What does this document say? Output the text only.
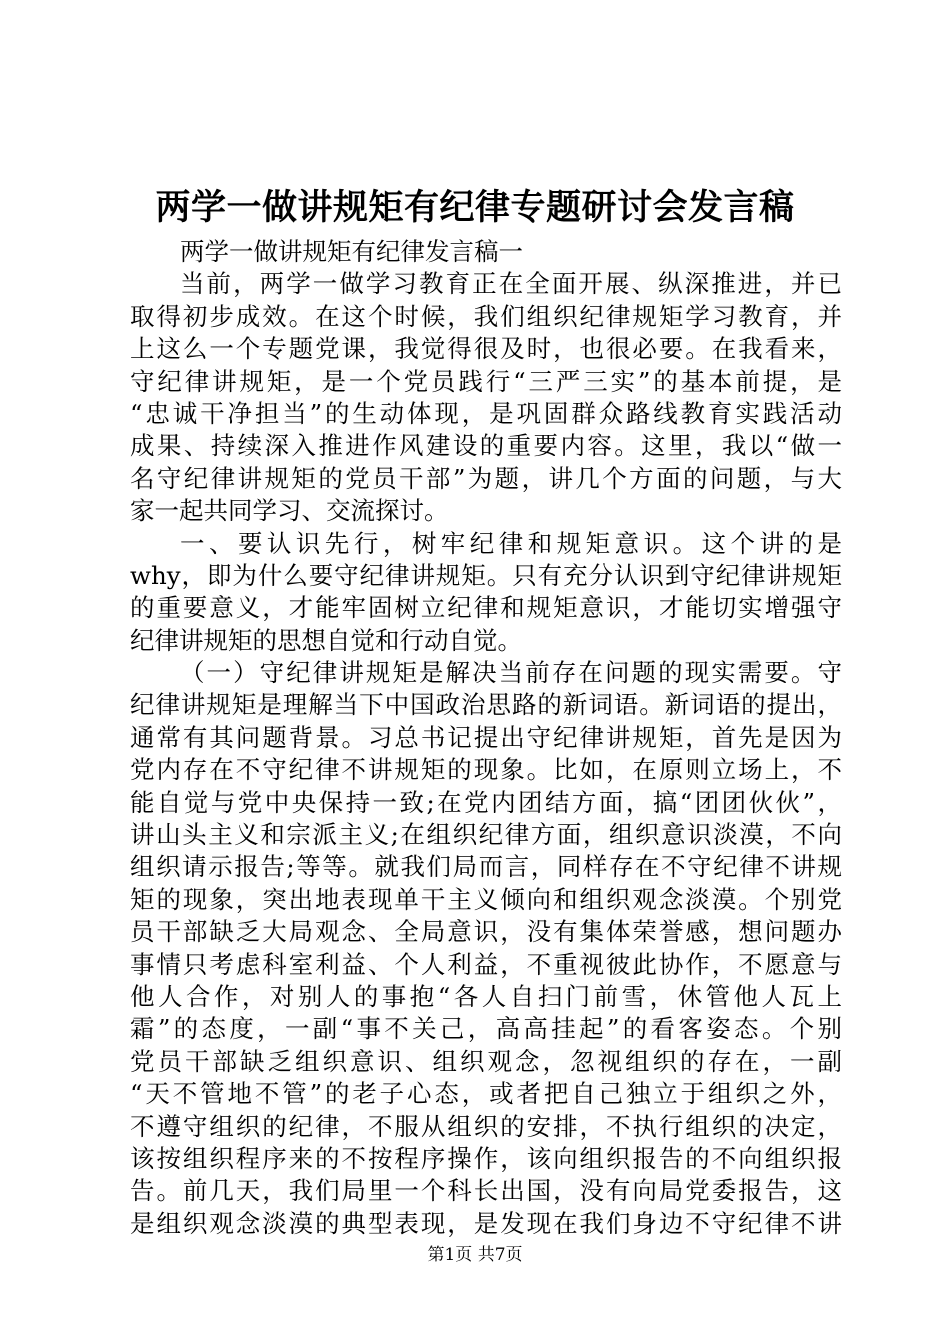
两学一做讲规矩有纪律专题研讨会发言稿
两学一做讲规矩有纪律发言稿一
当前，两学一做学习教育正在全面开展、纵深推进，并已
取得初步成效。在这个时候，我们组织纪律规矩学习教育，并
上这么一个专题党课，我觉得很及时，也很必要。在我看来，
守纪律讲规矩，是一个党员践行“三严三实”的基本前提，是
“忠诚干净担当”的生动体现，是巩固群众路线教育实践活动
成果、持续深入推进作风建设的重要内容。这里，我以“做一
名守纪律讲规矩的党员干部”为题，讲几个方面的问题，与大
家一起共同学习、交流探讨。
一、要认识先行，树牢纪律和规矩意识。这个讲的是
why，即为什么要守纪律讲规矩。只有充分认识到守纪律讲规矩
的重要意义，才能牢固树立纪律和规矩意识，才能切实增强守
纪律讲规矩的思想自觉和行动自觉。
（一）守纪律讲规矩是解决当前存在问题的现实需要。守
纪律讲规矩是理解当下中国政治思路的新词语。新词语的提出，
通常有其问题背景。习总书记提出守纪律讲规矩，首先是因为
党内存在不守纪律不讲规矩的现象。比如，在原则立场上，不
能自觉与党中央保持一致;在党内团结方面，搞“团团伙伙”，
讲山头主义和宗派主义;在组织纪律方面，组织意识淡漠，不向
组织请示报告;等等。就我们局而言，同样存在不守纪律不讲规
矩的现象，突出地表现单干主义倾向和组织观念淡漠。个别党
员干部缺乏大局观念、全局意识，没有集体荣誉感，想问题办
事情只考虑科室利益、个人利益，不重视彼此协作，不愿意与
他人合作，对别人的事抱“各人自扫门前雪，休管他人瓦上
霜”的态度，一副“事不关己，高高挂起”的看客姿态。个别
党员干部缺乏组织意识、组织观念，忽视组织的存在，一副
“天不管地不管”的老子心态，或者把自己独立于组织之外，
不遵守组织的纪律，不服从组织的安排，不执行组织的决定，
该按组织程序来的不按程序操作，该向组织报告的不向组织报
告。前几天，我们局里一个科长出国，没有向局党委报告，这
是组织观念淡漠的典型表现，是发现在我们身边不守纪律不讲
第1页 共7页
